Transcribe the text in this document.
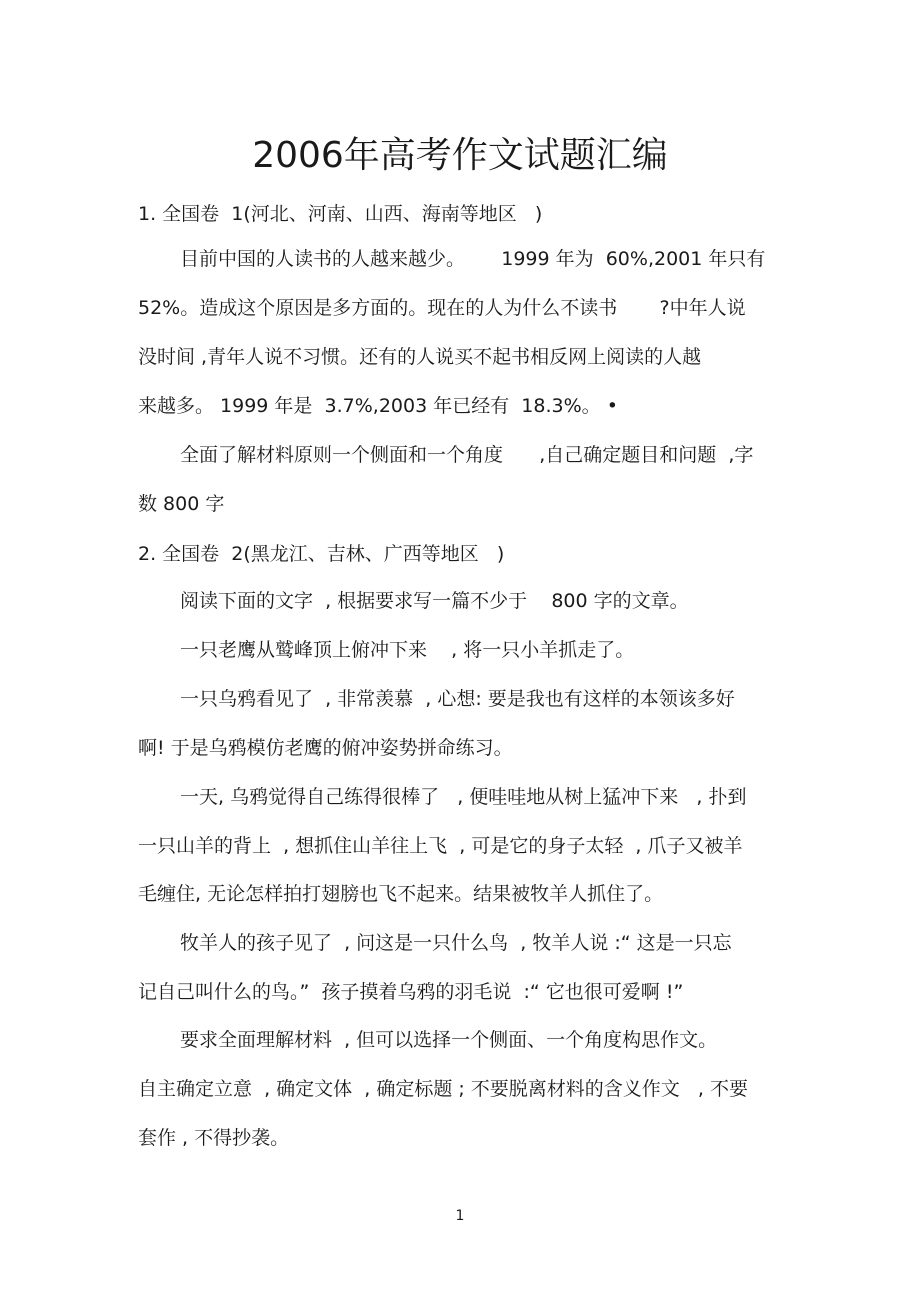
2006年高考作文试题汇编
1. 全国卷  1(河北、河南、山西、海南等地区   )
目前中国的人读书的人越来越少。      1999 年为  60%,2001 年只有
52%。造成这个原因是多方面的。现在的人为什么不读书       ?中年人说
没时间 ,青年人说不习惯。还有的人说买不起书相反网上阅读的人越
来越多。 1999 年是  3.7%,2003 年已经有  18.3%。 •
全面了解材料原则一个侧面和一个角度      ,自己确定题目和问题  ,字
数 800 字
2. 全国卷  2(黑龙江、吉林、广西等地区   )
阅读下面的文字  , 根据要求写一篇不少于    800 字的文章。
一只老鹰从鹫峰顶上俯冲下来    , 将一只小羊抓走了。
一只乌鸦看见了  , 非常羡慕  , 心想: 要是我也有这样的本领该多好
啊! 于是乌鸦模仿老鹰的俯冲姿势拼命练习。
一天, 乌鸦觉得自己练得很棒了   , 便哇哇地从树上猛冲下来   , 扑到
一只山羊的背上  , 想抓住山羊往上飞  , 可是它的身子太轻  , 爪子又被羊
毛缠住, 无论怎样拍打翅膀也飞不起来。结果被牧羊人抓住了。
牧羊人的孩子见了  , 问这是一只什么鸟  , 牧羊人说 :“ 这是一只忘
记自己叫什么的鸟。”  孩子摸着乌鸦的羽毛说  :“ 它也很可爱啊 !”
要求全面理解材料  , 但可以选择一个侧面、一个角度构思作文。
自主确定立意  , 确定文体  , 确定标题 ; 不要脱离材料的含义作文   , 不要
套作 , 不得抄袭。
1
